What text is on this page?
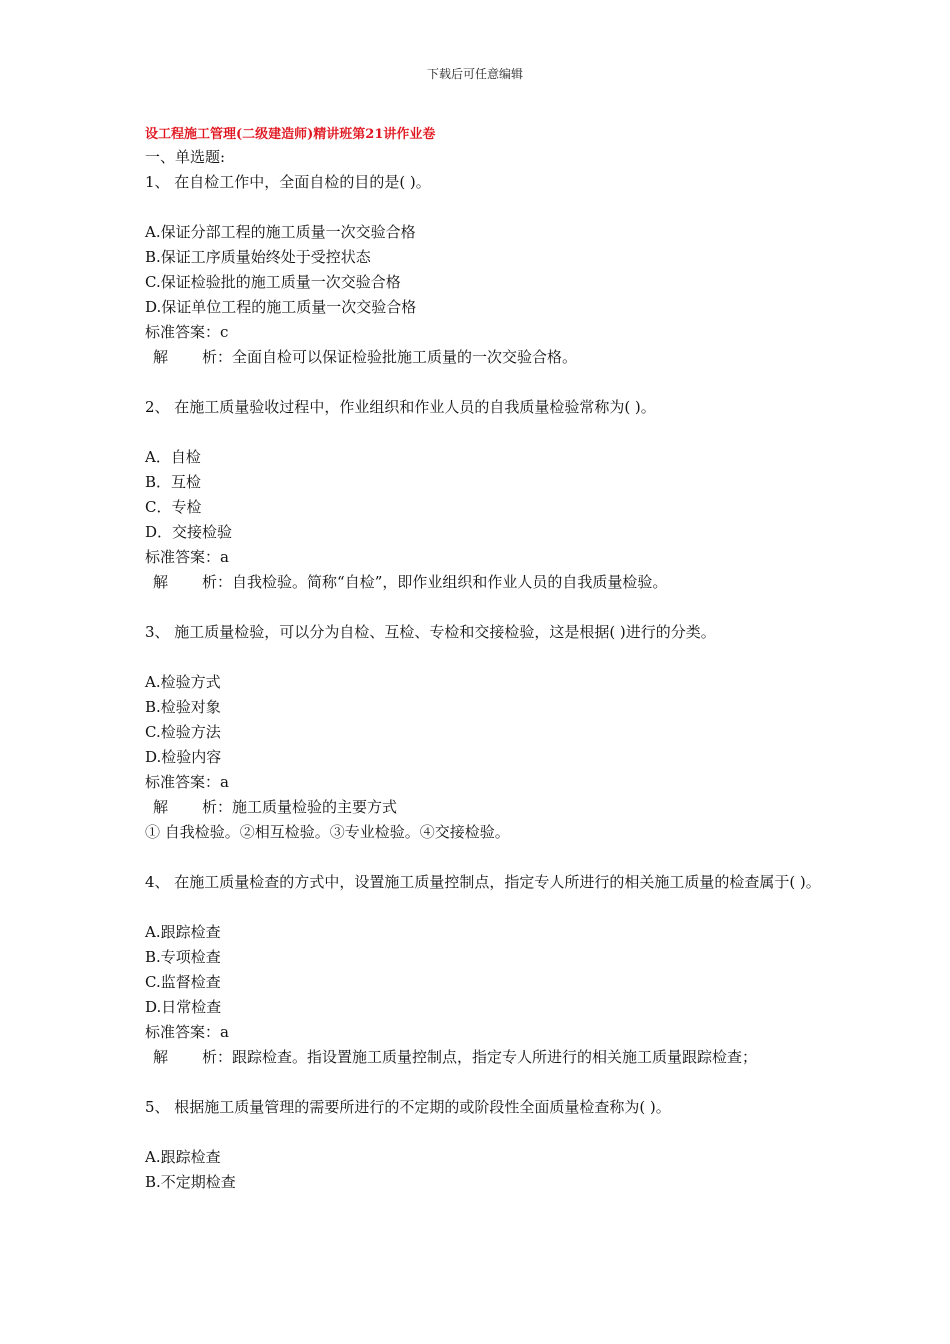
下载后可任意编辑

设工程施工管理(二级建造师)精讲班第21讲作业卷

一、单选题:

1、 在自检工作中，全面自检的目的是( )。

A.保证分部工程的施工质量一次交验合格

B.保证工序质量始终处于受控状态

C.保证检验批的施工质量一次交验合格

D.保证单位工程的施工质量一次交验合格

标准答案：c

解 析：全面自检可以保证检验批施工质量的一次交验合格。

2、 在施工质量验收过程中，作业组织和作业人员的自我质量检验常称为( )。

A．自检

B．互检

C．专检

D．交接检验

标准答案：a

解 析：自我检验。简称“自检”，即作业组织和作业人员的自我质量检验。

3、 施工质量检验，可以分为自检、互检、专检和交接检验，这是根据( )进行的分类。

A.检验方式

B.检验对象

C.检验方法

D.检验内容

标准答案：a

解 析：施工质量检验的主要方式

① 自我检验。②相互检验。③专业检验。④交接检验。

4、 在施工质量检查的方式中，设置施工质量控制点，指定专人所进行的相关施工质量的检查属于( )。

A.跟踪检查

B.专项检查

C.监督检查

D.日常检查

标准答案：a

解 析：跟踪检查。指设置施工质量控制点，指定专人所进行的相关施工质量跟踪检查；

5、 根据施工质量管理的需要所进行的不定期的或阶段性全面质量检查称为( )。

A.跟踪检查

B.不定期检查
